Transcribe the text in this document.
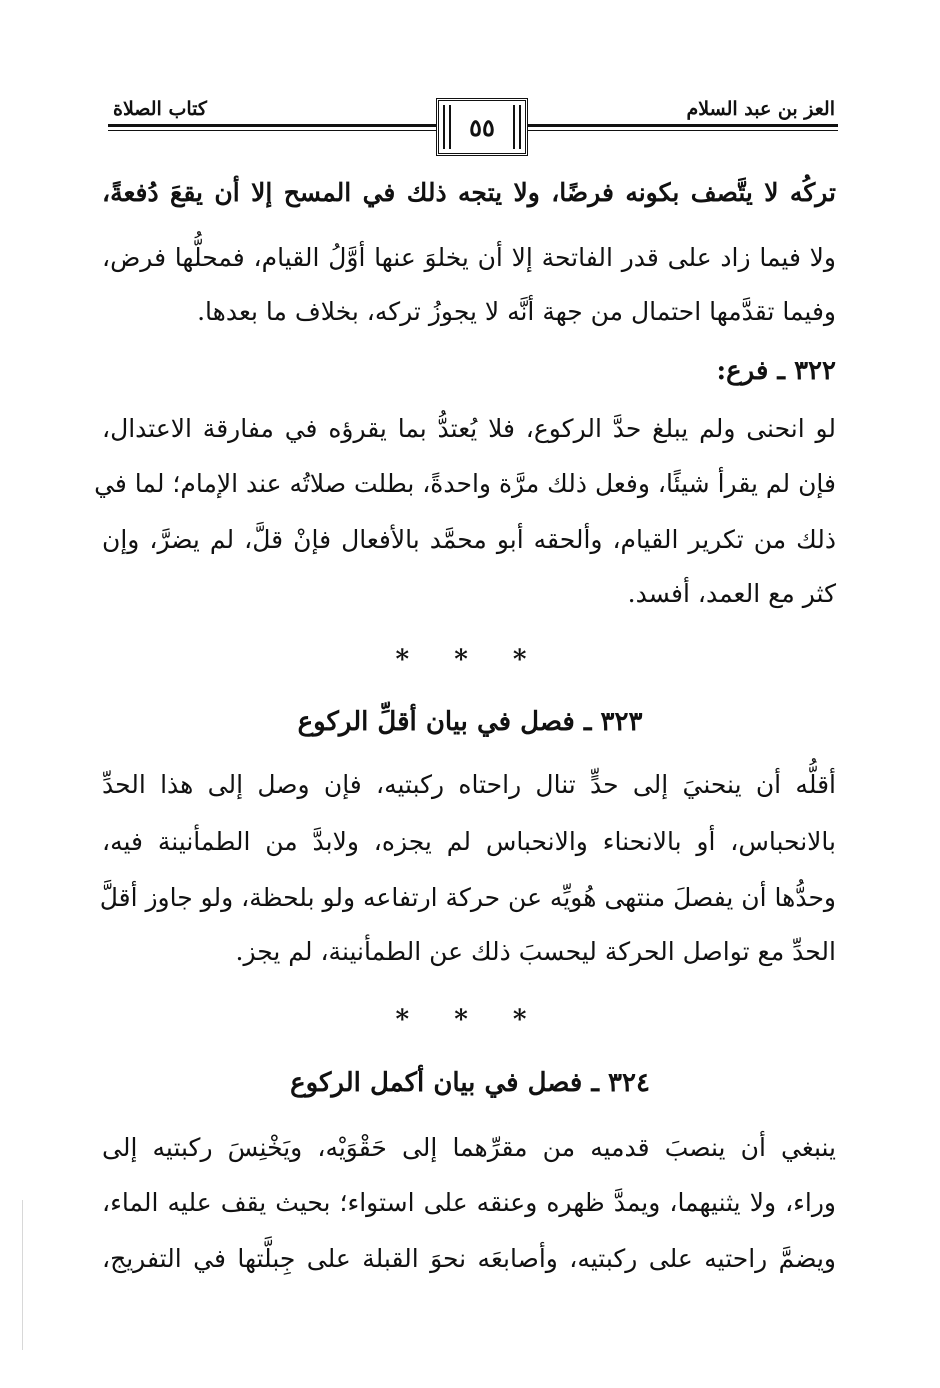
العز بن عبد السلام
كتاب الصلاة
٥٥
تركُه لا يتَّصف بكونه فرضًا، ولا يتجه ذلك في المسح إلا أن يقعَ دُفعةً،
ولا فيما زاد على قدر الفاتحة إلا أن يخلوَ عنها أوَّلُ القيام، فمحلُّها فرض،
وفيما تقدَّمها احتمال من جهة أنَّه لا يجوزُ تركه، بخلاف ما بعدها.
٣٢٢ ـ فرع:
لو انحنى ولم يبلغ حدَّ الركوع، فلا يُعتدُّ بما يقرؤه في مفارقة الاعتدال،
فإن لم يقرأ شيئًا، وفعل ذلك مرَّة واحدةً، بطلت صلاتُه عند الإمام؛ لما في
ذلك من تكرير القيام، وألحقه أبو محمَّد بالأفعال فإنْ قلَّ، لم يضرَّ، وإن
كثر مع العمد، أفسد.
* * *
٣٢٣ ـ فصل في بيان أقلِّ الركوع
أقلُّه أن ينحنيَ إلى حدٍّ تنال راحتاه ركبتيه، فإن وصل إلى هذا الحدِّ
بالانحباس، أو بالانحناء والانحباس لم يجزه، ولابدَّ من الطمأنينة فيه،
وحدُّها أن يفصلَ منتهى هُويِّه عن حركة ارتفاعه ولو بلحظة، ولو جاوز أقلَّ
الحدِّ مع تواصل الحركة ليحسبَ ذلك عن الطمأنينة، لم يجز.
* * *
٣٢٤ ـ فصل في بيان أكمل الركوع
ينبغي أن ينصبَ قدميه من مقرِّهما إلى حَقْوَيْه، ويَخْنِسَ ركبتيه إلى
وراء، ولا يثنيهما، ويمدَّ ظهره وعنقه على استواء؛ بحيث يقف عليه الماء،
ويضمَّ راحتيه على ركبتيه، وأصابعَه نحوَ القبلة على جِبلَّتها في التفريج،
